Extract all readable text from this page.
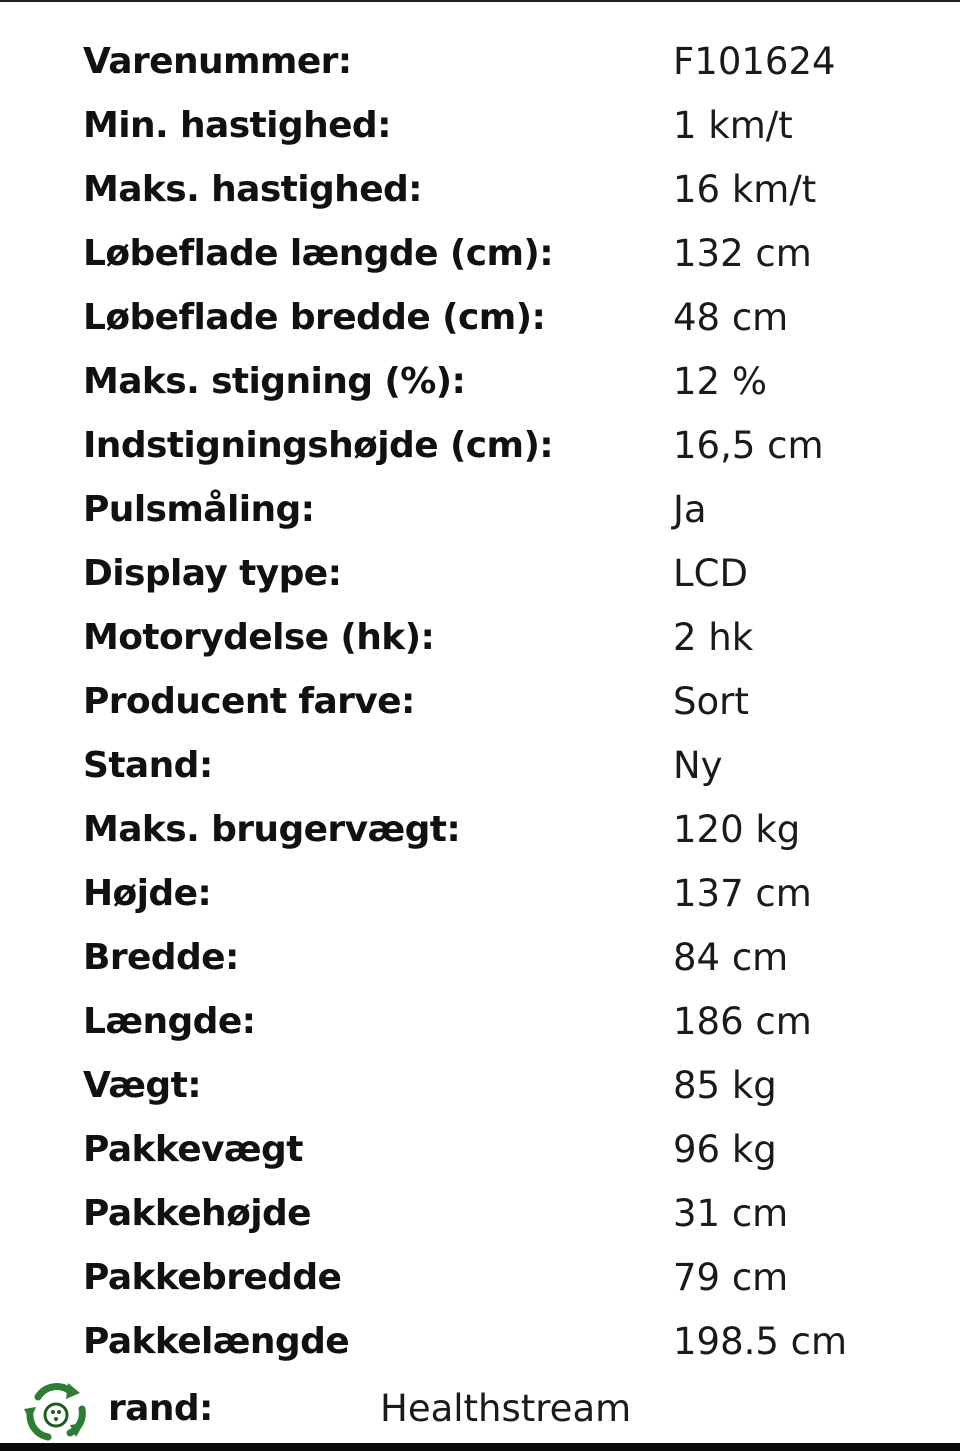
Varenummer:	F101624
Min. hastighed:	1 km/t
Maks. hastighed:	16 km/t
Løbeflade længde (cm):	132 cm
Løbeflade bredde (cm):	48 cm
Maks. stigning (%):	12 %
Indstigningshøjde (cm):	16,5 cm
Pulsmåling:	Ja
Display type:	LCD
Motorydelse (hk):	2 hk
Producent farve:	Sort
Stand:	Ny
Maks. brugervægt:	120 kg
Højde:	137 cm
Bredde:	84 cm
Længde:	186 cm
Vægt:	85 kg
Pakkevægt	96 kg
Pakkehøjde	31 cm
Pakkebredde	79 cm
Pakkelængde	198.5 cm
rand:	Healthstream
